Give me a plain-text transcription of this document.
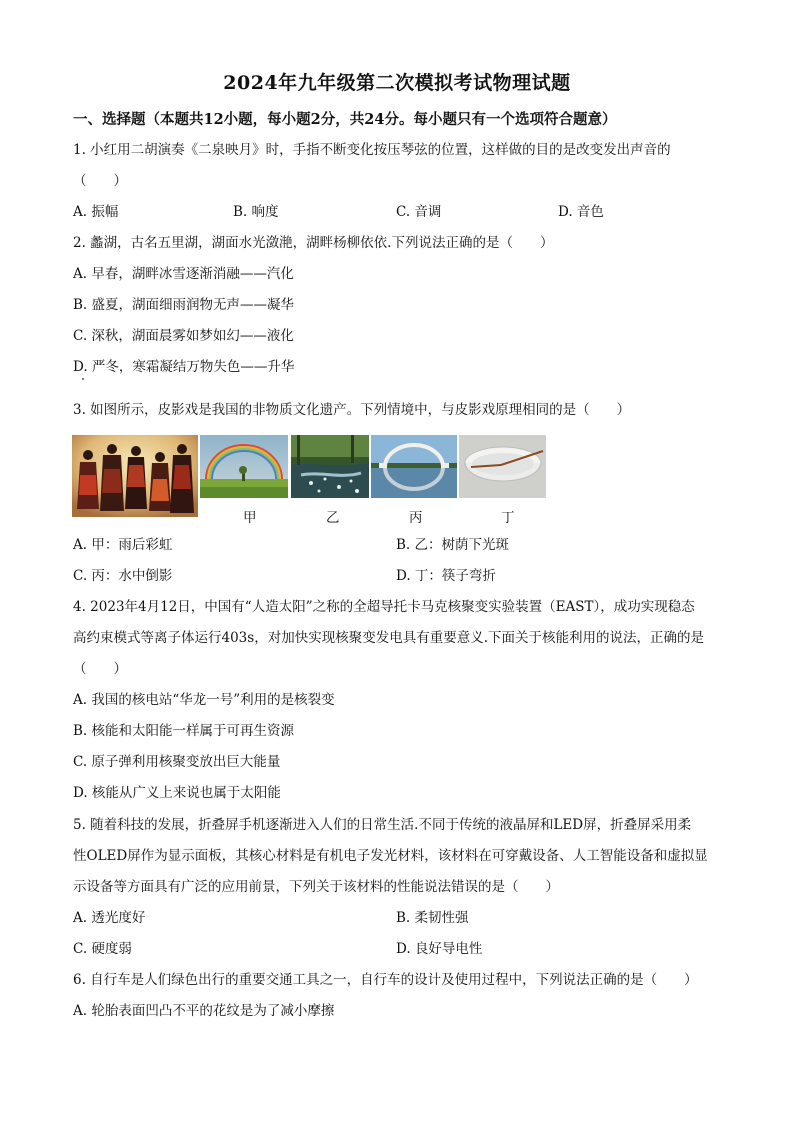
2024年九年级第二次模拟考试物理试题
一、选择题（本题共12小题，每小题2分，共24分。每小题只有一个选项符合题意）
1. 小红用二胡演奏《二泉映月》时，手指不断变化按压琴弦的位置，这样做的目的是改变发出声音的
（　　）
A. 振幅	B. 响度	C. 音调	D. 音色
2. 蠡湖，古名五里湖，湖面水光潋滟，湖畔杨柳依依.下列说法正确的是（　　）
A. 早春，湖畔冰雪逐渐消融——汽化
B. 盛夏，湖面细雨润物无声——凝华
C. 深秋，湖面晨雾如梦如幻——液化
D. 严冬，寒霜凝结万物失色——升华
3. 如图所示，皮影戏是我国的非物质文化遗产。下列情境中，与皮影戏原理相同的是（　　）
甲	乙	丙	丁
A. 甲：雨后彩虹	B. 乙：树荫下光斑
C. 丙：水中倒影	D. 丁：筷子弯折
4. 2023年4月12日，中国有“人造太阳”之称的全超导托卡马克核聚变实验装置（EAST），成功实现稳态
高约束模式等离子体运行403s，对加快实现核聚变发电具有重要意义.下面关于核能利用的说法，正确的是
（　　）
A. 我国的核电站“华龙一号”利用的是核裂变
B. 核能和太阳能一样属于可再生资源
C. 原子弹利用核聚变放出巨大能量
D. 核能从广义上来说也属于太阳能
5. 随着科技的发展，折叠屏手机逐渐进入人们的日常生活.不同于传统的液晶屏和LED屏，折叠屏采用柔
性OLED屏作为显示面板，其核心材料是有机电子发光材料，该材料在可穿戴设备、人工智能设备和虚拟显
示设备等方面具有广泛的应用前景，下列关于该材料的性能说法错误的是（　　）
A. 透光度好	B. 柔韧性强
C. 硬度弱	D. 良好导电性
6. 自行车是人们绿色出行的重要交通工具之一，自行车的设计及使用过程中，下列说法正确的是（　　）
A. 轮胎表面凹凸不平的花纹是为了减小摩擦
